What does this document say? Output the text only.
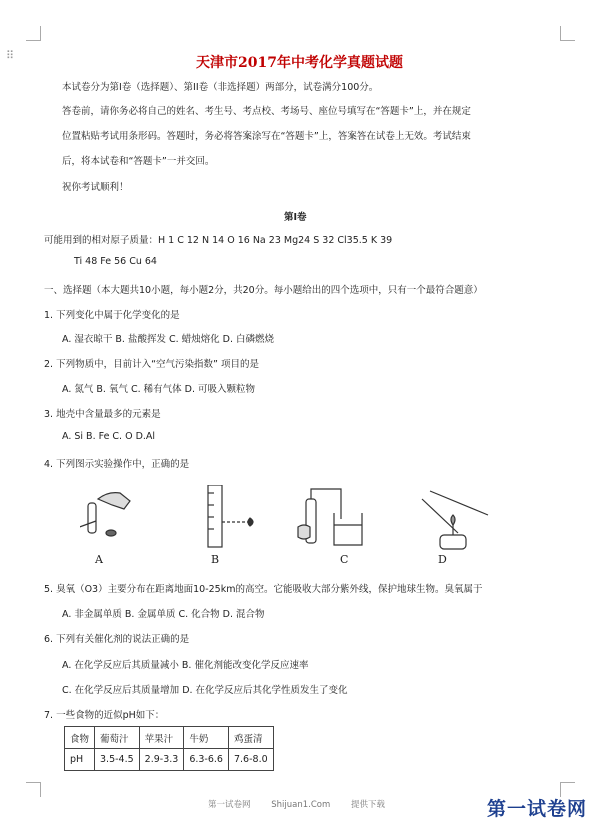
⠿	天津市2017年中考化学真题试题
本试卷分为第I卷（选择题）、第II卷（非选择题）两部分，试卷满分100分。
答卷前，请你务必将自己的姓名、考生号、考点校、考场号、座位号填写在“答题卡”上，并在规定
位置粘贴考试用条形码。答题时，务必将答案涂写在“答题卡”上，答案答在试卷上无效。考试结束
后，将本试卷和“答题卡”一并交回。
祝你考试顺利！
第I卷
可能用到的相对原子质量：H 1 C 12 N 14 O 16 Na 23 Mg24 S 32 Cl35.5 K 39
Ti 48 Fe 56 Cu 64
一、选择题（本大题共10小题，每小题2分，共20分。每小题给出的四个选项中，只有一个最符合题意）
1. 下列变化中属于化学变化的是
A. 湿衣晾干 B. 盐酸挥发 C. 蜡烛熔化 D. 白磷燃烧
2. 下列物质中，目前计入“空气污染指数” 项目的是
A. 氮气 B. 氧气 C. 稀有气体 D. 可吸入颗粒物
3. 地壳中含量最多的元素是
A. Si B. Fe C. O D.Al
4. 下列图示实验操作中，正确的是
A	B	C	D
5. 臭氧（O3）主要分布在距离地面10-25km的高空。它能吸收大部分紫外线，保护地球生物。臭氧属于
A. 非金属单质 B. 金属单质 C. 化合物 D. 混合物
6. 下列有关催化剂的说法正确的是
A. 在化学反应后其质量减小 B. 催化剂能改变化学反应速率
C. 在化学反应后其质量增加 D. 在化学反应后其化学性质发生了变化
7. 一些食物的近似pH如下：
食物	葡萄汁	苹果汁	牛奶	鸡蛋清
pH	3.5-4.5	2.9-3.3	6.3-6.6	7.6-8.0
第一试卷网 Shijuan1.Com 提供下载	第一试卷网
